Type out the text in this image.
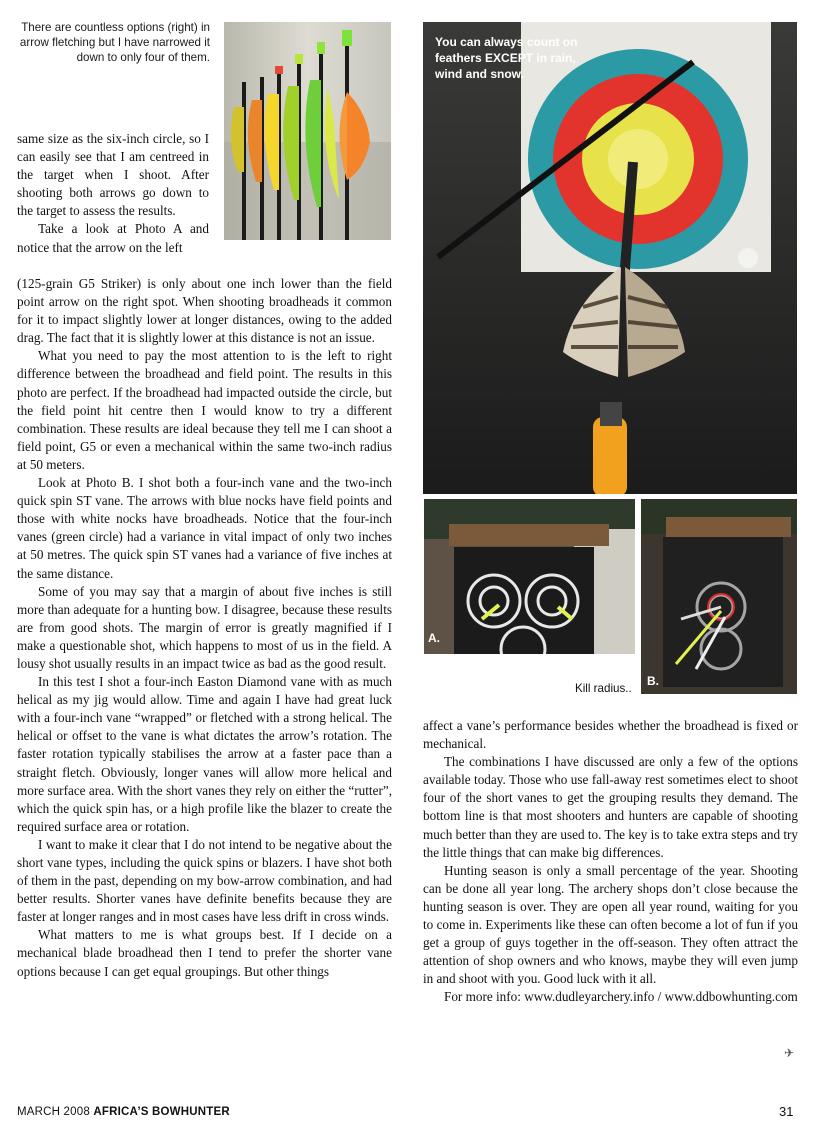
There are countless options (right) in arrow fletching but I have narrowed it down to only four of them.
You can always count on feathers EXCEPT in rain, wind and snow.
A.
B.
Kill radius..

same size as the six-inch circle, so I can easily see that I am centreed in the target when I shoot. After shooting both arrows go down to the target to assess the results.

Take a look at Photo A and notice that the arrow on the left

(125-grain G5 Striker) is only about one inch lower than the field point arrow on the right spot. When shooting broadheads it common for it to impact slightly lower at longer distances, owing to the added drag. The fact that it is slightly lower at this distance is not an issue.

What you need to pay the most attention to is the left to right difference between the broadhead and field point. The results in this photo are perfect. If the broadhead had impacted outside the circle, but the field point hit centre then I would know to try a different combination. These results are ideal because they tell me I can shoot a field point, G5 or even a mechanical within the same two-inch radius at 50 meters.

Look at Photo B. I shot both a four-inch vane and the two-inch quick spin ST vane. The arrows with blue nocks have field points and those with white nocks have broadheads. Notice that the four-inch vanes (green circle) had a variance in vital impact of only two inches at 50 metres. The quick spin ST vanes had a variance of five inches at the same distance.

Some of you may say that a margin of about five inches is still more than adequate for a hunting bow. I disagree, because these results are from good shots. The margin of error is greatly magnified if I make a questionable shot, which happens to most of us in the field. A lousy shot usually results in an impact twice as bad as the good result.

In this test I shot a four-inch Easton Diamond vane with as much helical as my jig would allow. Time and again I have had great luck with a four-inch vane “wrapped” or fletched with a strong helical. The helical or offset to the vane is what dictates the arrow’s rotation. The faster rotation typically stabilises the arrow at a faster pace than a straight fletch. Obviously, longer vanes will allow more helical and more surface area. With the short vanes they rely on either the “rutter”, which the quick spin has, or a high profile like the blazer to create the required surface area or rotation.

I want to make it clear that I do not intend to be negative about the short vane types, including the quick spins or blazers. I have shot both of them in the past, depending on my bow-arrow combination, and had better results. Shorter vanes have definite benefits because they are faster at longer ranges and in most cases have less drift in cross winds.

What matters to me is what groups best. If I decide on a mechanical blade broadhead then I tend to prefer the shorter vane options because I can get equal groupings. But other things

affect a vane’s performance besides whether the broadhead is fixed or mechanical.

The combinations I have discussed are only a few of the options available today. Those who use fall-away rest sometimes elect to shoot four of the short vanes to get the grouping results they demand. The bottom line is that most shooters and hunters are capable of shooting much better than they are used to. The key is to take extra steps and try the little things that can make big differences.

Hunting season is only a small percentage of the year. Shooting can be done all year long. The archery shops don’t close because the hunting season is over. They are open all year round, waiting for you to come in. Experiments like these can often become a lot of fun if you get a group of guys together in the off-season. They often attract the attention of shop owners and who knows, maybe they will even jump in and shoot with you. Good luck with it all.

For more info: www.dudleyarchery.info / www.ddbowhunting.com

✈
MARCH 2008 AFRICA’S BOWHUNTER	31
